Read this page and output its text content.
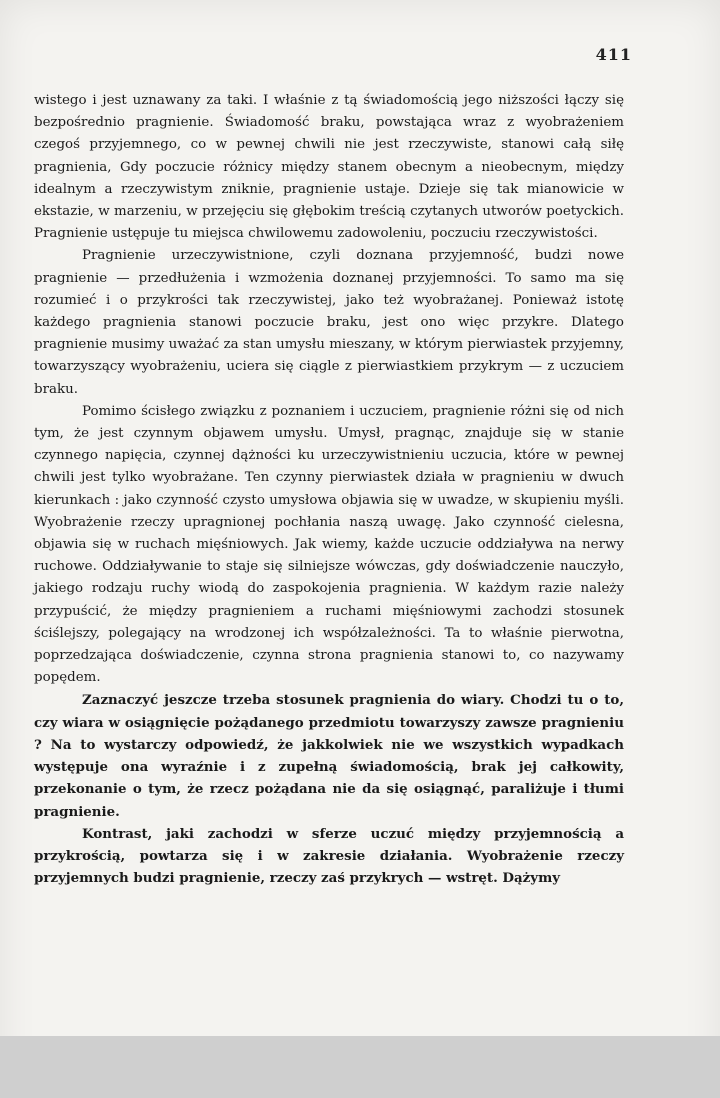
411

wistego i jest uznawany za taki. I właśnie z tą świadomością jego niższości łączy się bezpośrednio pragnienie. Świadomość braku, powstająca wraz z wyobrażeniem czegoś przyjemnego, co w pewnej chwili nie jest rzeczywiste, stanowi całą siłę pragnienia, Gdy poczucie różnicy między stanem obecnym a nieobecnym, między idealnym a rzeczywistym zniknie, pragnienie ustaje. Dzieje się tak mianowicie w ekstazie, w marzeniu, w przejęciu się głębokim treścią czytanych utworów poetyckich. Pragnienie ustępuje tu miejsca chwilowemu zadowoleniu, poczuciu rzeczywistości.

Pragnienie urzeczywistnione, czyli doznana przyjemność, budzi nowe pragnienie — przedłużenia i wzmożenia doznanej przyjemności. To samo ma się rozumieć i o przykrości tak rzeczywistej, jako też wyobrażanej. Ponieważ istotę każdego pragnienia stanowi poczucie braku, jest ono więc przykre. Dlatego pragnienie musimy uważać za stan umysłu mieszany, w którym pierwiastek przyjemny, towarzyszący wyobrażeniu, uciera się ciągle z pierwiastkiem przykrym — z uczuciem braku.

Pomimo ścisłego związku z poznaniem i uczuciem, pragnienie różni się od nich tym, że jest czynnym objawem umysłu. Umysł, pragnąc, znajduje się w stanie czynnego napięcia, czynnej dążności ku urzeczywistnieniu uczucia, które w pewnej chwili jest tylko wyobrażane. Ten czynny pierwiastek działa w pragnieniu w dwuch kierunkach : jako czynność czysto umysłowa objawia się w uwadze, w skupieniu myśli. Wyobrażenie rzeczy upragnionej pochłania naszą uwagę. Jako czynność cielesna, objawia się w ruchach mięśniowych. Jak wiemy, każde uczucie oddziaływa na nerwy ruchowe. Oddziaływanie to staje się silniejsze wówczas, gdy doświadczenie nauczyło, jakiego rodzaju ruchy wiodą do zaspokojenia pragnienia. W każdym razie należy przypuścić, że między pragnieniem a ruchami mięśniowymi zachodzi stosunek ściślejszy, polegający na wrodzonej ich współzależności. Ta to właśnie pierwotna, poprzedzająca doświadczenie, czynna strona pragnienia stanowi to, co nazywamy popędem.

Zaznaczyć jeszcze trzeba stosunek pragnienia do wiary. Chodzi tu o to, czy wiara w osiągnięcie pożądanego przedmiotu towarzyszy zawsze pragnieniu ? Na to wystarczy odpowiedź, że jakkolwiek nie we wszystkich wypadkach występuje ona wyraźnie i z zupełną świadomością, brak jej całkowity, przekonanie o tym, że rzecz pożądana nie da się osiągnąć, paraliżuje i tłumi pragnienie.

Kontrast, jaki zachodzi w sferze uczuć między przyjemnością a przykrością, powtarza się i w zakresie działania. Wyobrażenie rzeczy przyjemnych budzi pragnienie, rzeczy zaś przykrych — wstręt. Dążymy
